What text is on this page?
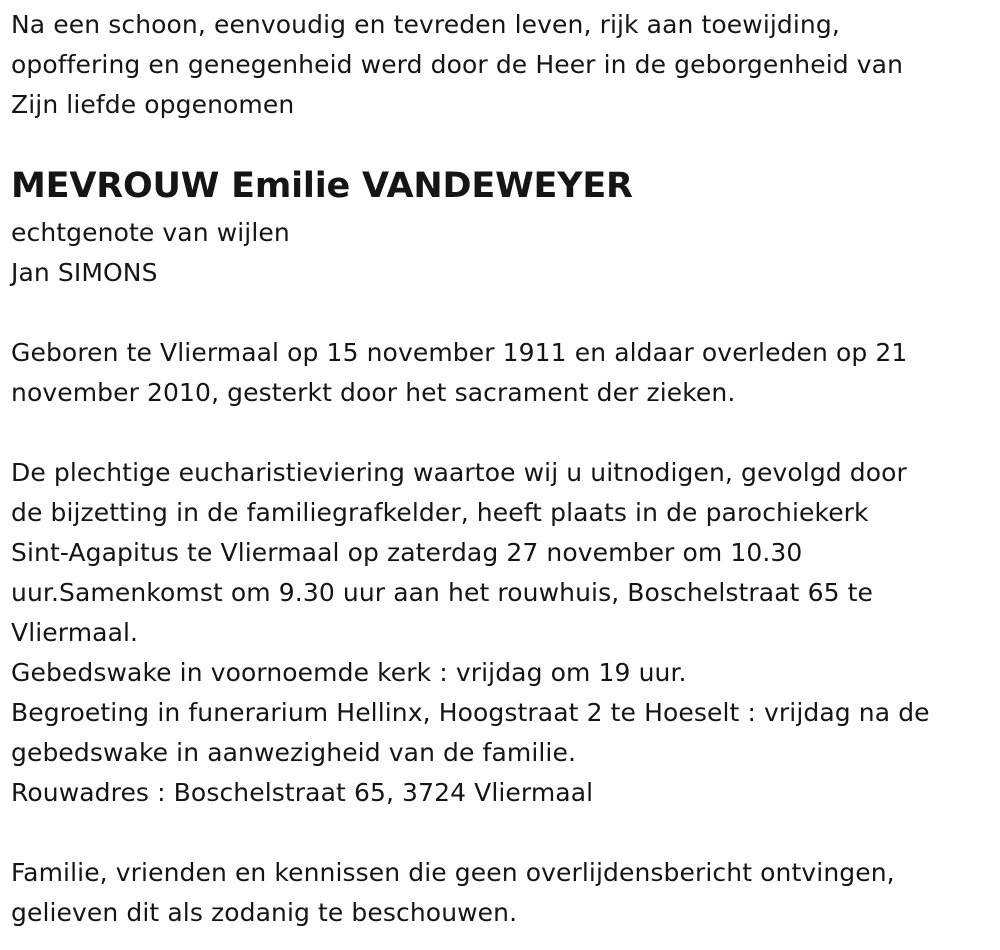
Na een schoon, eenvoudig en tevreden leven, rijk aan toewijding,
opoffering en genegenheid werd door de Heer in de geborgenheid van
Zijn liefde opgenomen
MEVROUW Emilie VANDEWEYER
echtgenote van wijlen
Jan SIMONS
Geboren te Vliermaal op 15 november 1911 en aldaar overleden op 21
november 2010, gesterkt door het sacrament der zieken.
De plechtige eucharistieviering waartoe wij u uitnodigen, gevolgd door
de bijzetting in de familiegrafkelder, heeft plaats in de parochiekerk
Sint-Agapitus te Vliermaal op zaterdag 27 november om 10.30
uur.Samenkomst om 9.30 uur aan het rouwhuis, Boschelstraat 65 te
Vliermaal.
Gebedswake in voornoemde kerk : vrijdag om 19 uur.
Begroeting in funerarium Hellinx, Hoogstraat 2 te Hoeselt : vrijdag na de
gebedswake in aanwezigheid van de familie.
Rouwadres : Boschelstraat 65, 3724 Vliermaal
Familie, vrienden en kennissen die geen overlijdensbericht ontvingen,
gelieven dit als zodanig te beschouwen.
